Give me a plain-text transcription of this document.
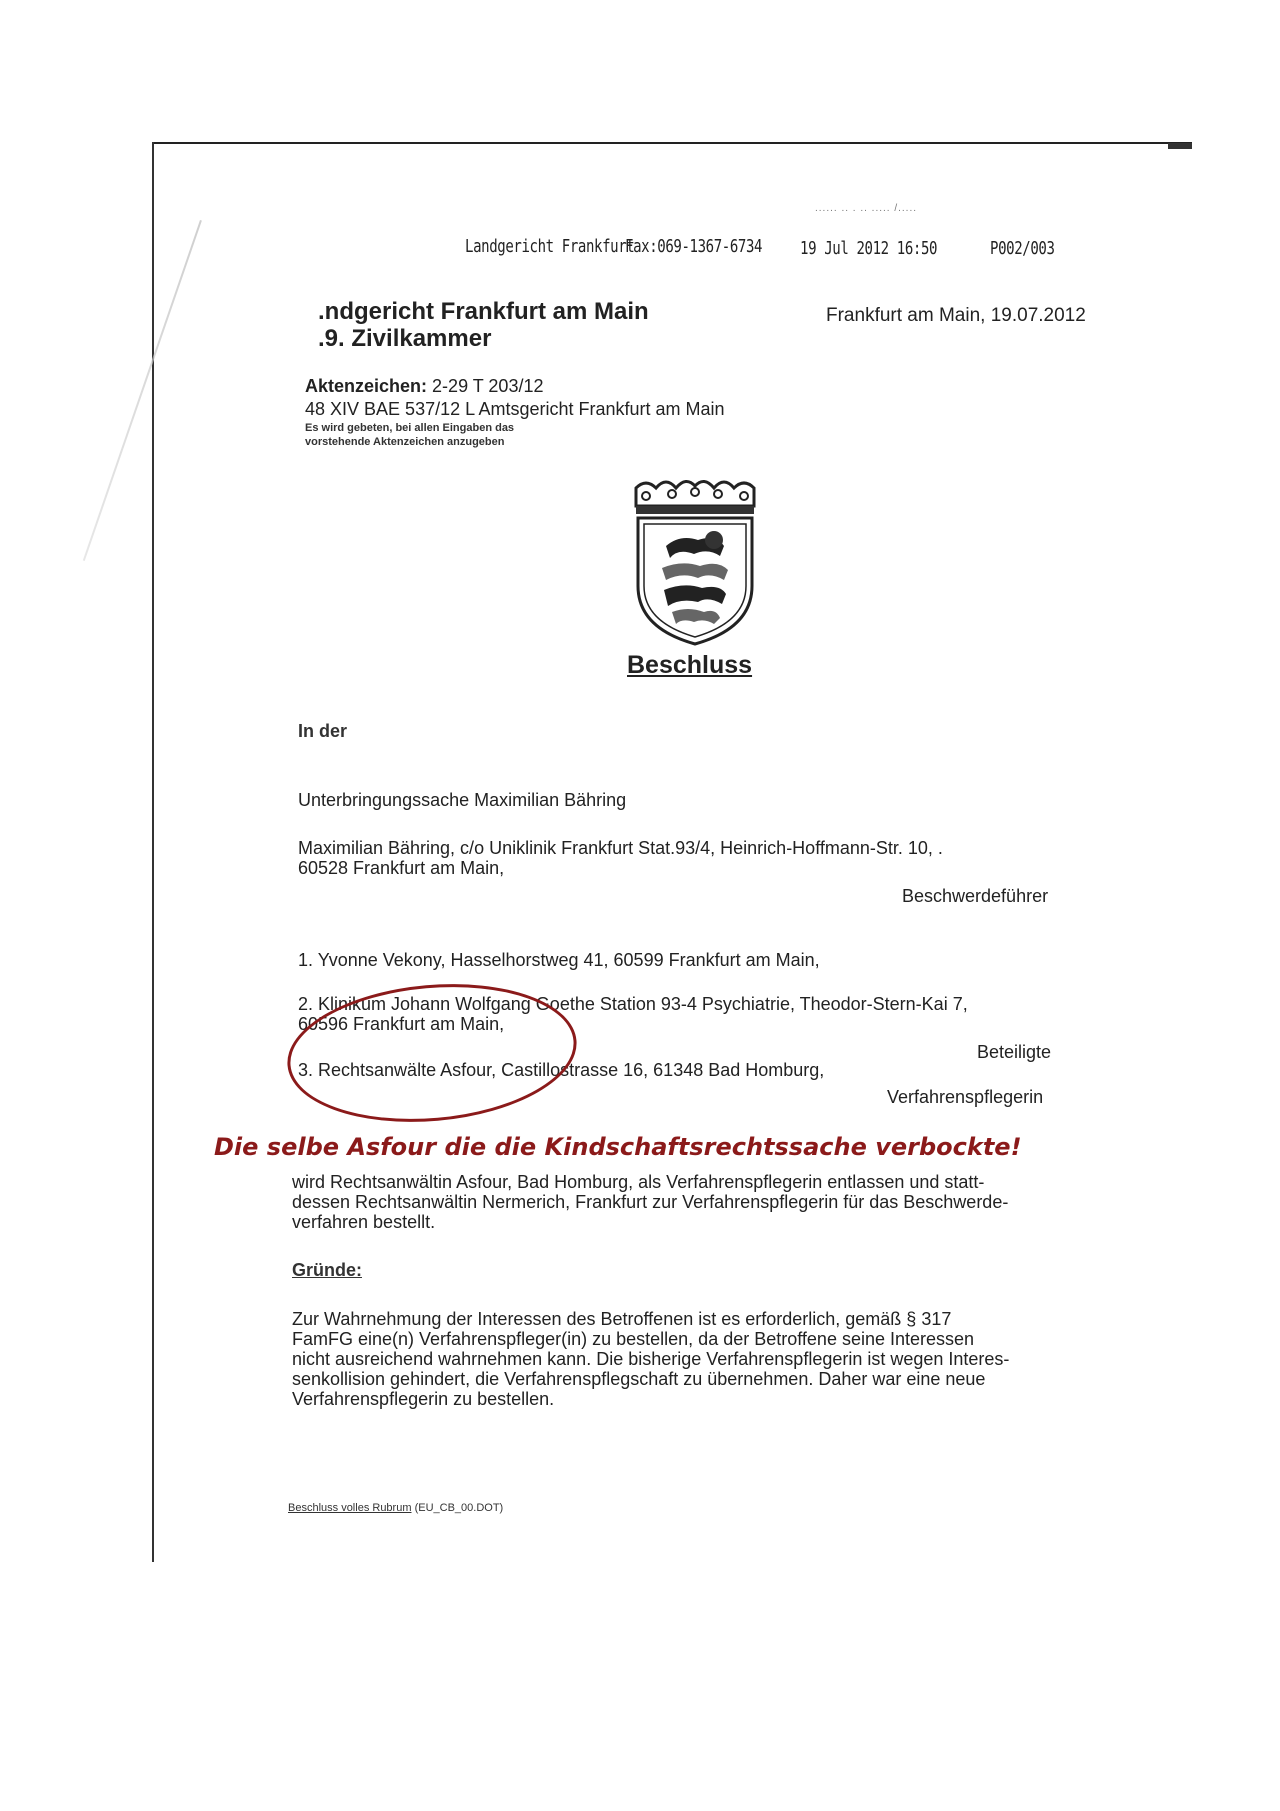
...... .. . .. ..... /.....
Landgericht Frankfurt
Fax:069-1367-6734 19 Jul 2012 16:50	P002/003
.ndgericht Frankfurt am Main
.9. Zivilkammer
Frankfurt am Main, 19.07.2012
Aktenzeichen: 2-29 T 203/12
48 XIV BAE 537/12 L Amtsgericht Frankfurt am Main
Es wird gebeten, bei allen Eingaben das vorstehende Aktenzeichen anzugeben
Beschluss
In der
Unterbringungssache Maximilian Bähring
Maximilian Bähring, c/o Uniklinik Frankfurt Stat.93/4, Heinrich-Hoffmann-Str. 10, .
60528 Frankfurt am Main,
Beschwerdeführer
1. Yvonne Vekony, Hasselhorstweg 41, 60599 Frankfurt am Main,
2. Klinikum Johann Wolfgang Goethe Station 93-4 Psychiatrie, Theodor-Stern-Kai 7,
60596 Frankfurt am Main,
Beteiligte
3. Rechtsanwälte Asfour, Castillostrasse 16, 61348 Bad Homburg,
Verfahrenspflegerin
Die selbe Asfour die die Kindschaftsrechtssache verbockte!
wird Rechtsanwältin Asfour, Bad Homburg, als Verfahrenspflegerin entlassen und statt-
dessen Rechtsanwältin Nermerich, Frankfurt zur Verfahrenspflegerin für das Beschwerde-
verfahren bestellt.
Gründe:
Zur Wahrnehmung der Interessen des Betroffenen ist es erforderlich, gemäß § 317
FamFG eine(n) Verfahrenspfleger(in) zu bestellen, da der Betroffene seine Interessen
nicht ausreichend wahrnehmen kann. Die bisherige Verfahrenspflegerin ist wegen Interes-
senkollision gehindert, die Verfahrenspflegschaft zu übernehmen. Daher war eine neue
Verfahrenspflegerin zu bestellen.
Beschluss volles Rubrum (EU_CB_00.DOT)
